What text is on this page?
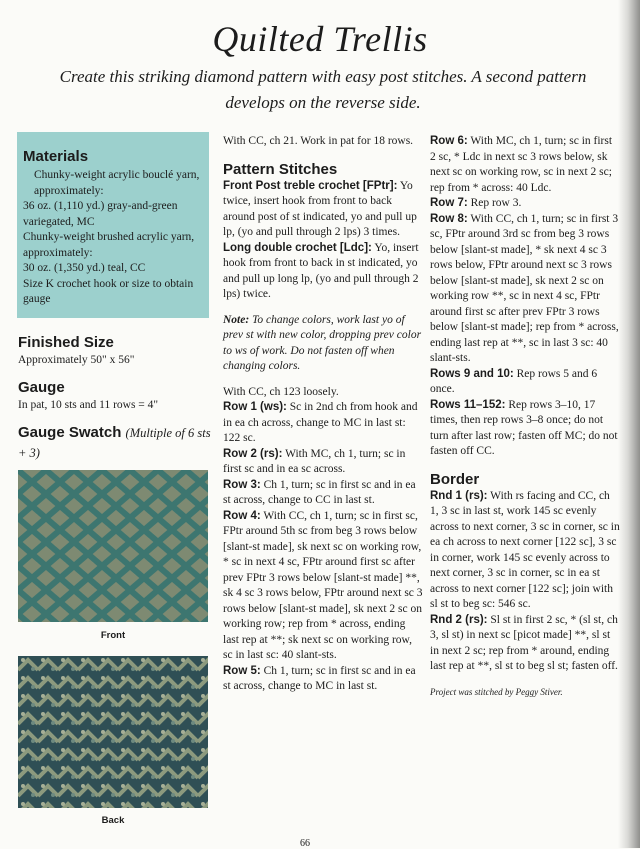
Quilted Trellis
Create this striking diamond pattern with easy post stitches. A second pattern develops on the reverse side.
Materials

Chunky-weight acrylic bouclé yarn, approximately:

36 oz. (1,110 yd.) gray-and-green variegated, MC

Chunky-weight brushed acrylic yarn, approximately:

30 oz. (1,350 yd.) teal, CC

Size K crochet hook or size to obtain gauge

Finished Size

Approximately 50" x 56"

Gauge

In pat, 10 sts and 11 rows = 4"

Gauge Swatch (Multiple of 6 sts + 3)
Front
Back

With CC, ch 21. Work in pat for 18 rows.

Pattern Stitches

Front Post treble crochet [FPtr]: Yo twice, insert hook from front to back around post of st indicated, yo and pull up lp, (yo and pull through 2 lps) 3 times.

Long double crochet [Ldc]: Yo, insert hook from front to back in st indicated, yo and pull up long lp, (yo and pull through 2 lps) twice.

Note: To change colors, work last yo of prev st with new color, dropping prev color to ws of work. Do not fasten off when changing colors.

With CC, ch 123 loosely.

Row 1 (ws): Sc in 2nd ch from hook and in ea ch across, change to MC in last st: 122 sc.

Row 2 (rs): With MC, ch 1, turn; sc in first sc and in ea sc across.

Row 3: Ch 1, turn; sc in first sc and in ea st across, change to CC in last st.

Row 4: With CC, ch 1, turn; sc in first sc, FPtr around 5th sc from beg 3 rows below [slant-st made], sk next sc on working row, * sc in next 4 sc, FPtr around first sc after prev FPtr 3 rows below [slant-st made] **, sk 4 sc 3 rows below, FPtr around next sc 3 rows below [slant-st made], sk next 2 sc on working row; rep from * across, ending last rep at **; sk next sc on working row, sc in last sc: 40 slant-sts.

Row 5: Ch 1, turn; sc in first sc and in ea st across, change to MC in last st.

Row 6: With MC, ch 1, turn; sc in first 2 sc, * Ldc in next sc 3 rows below, sk next sc on working row, sc in next 2 sc; rep from * across: 40 Ldc.

Row 7: Rep row 3.

Row 8: With CC, ch 1, turn; sc in first 3 sc, FPtr around 3rd sc from beg 3 rows below [slant-st made], * sk next 4 sc 3 rows below, FPtr around next sc 3 rows below [slant-st made], sk next 2 sc on working row **, sc in next 4 sc, FPtr around first sc after prev FPtr 3 rows below [slant-st made]; rep from * across, ending last rep at **, sc in last 3 sc: 40 slant-sts.

Rows 9 and 10: Rep rows 5 and 6 once.

Rows 11–152: Rep rows 3–10, 17 times, then rep rows 3–8 once; do not turn after last row; fasten off MC; do not fasten off CC.

Border

Rnd 1 (rs): With rs facing and CC, ch 1, 3 sc in last st, work 145 sc evenly across to next corner, 3 sc in corner, sc in ea ch across to next corner [122 sc], 3 sc in corner, work 145 sc evenly across to next corner, 3 sc in corner, sc in ea st across to next corner [122 sc]; join with sl st to beg sc: 546 sc.

Rnd 2 (rs): Sl st in first 2 sc, * (sl st, ch 3, sl st) in next sc [picot made] **, sl st in next 2 sc; rep from * around, ending last rep at **, sl st to beg sl st; fasten off.

Project was stitched by Peggy Stiver.

66
